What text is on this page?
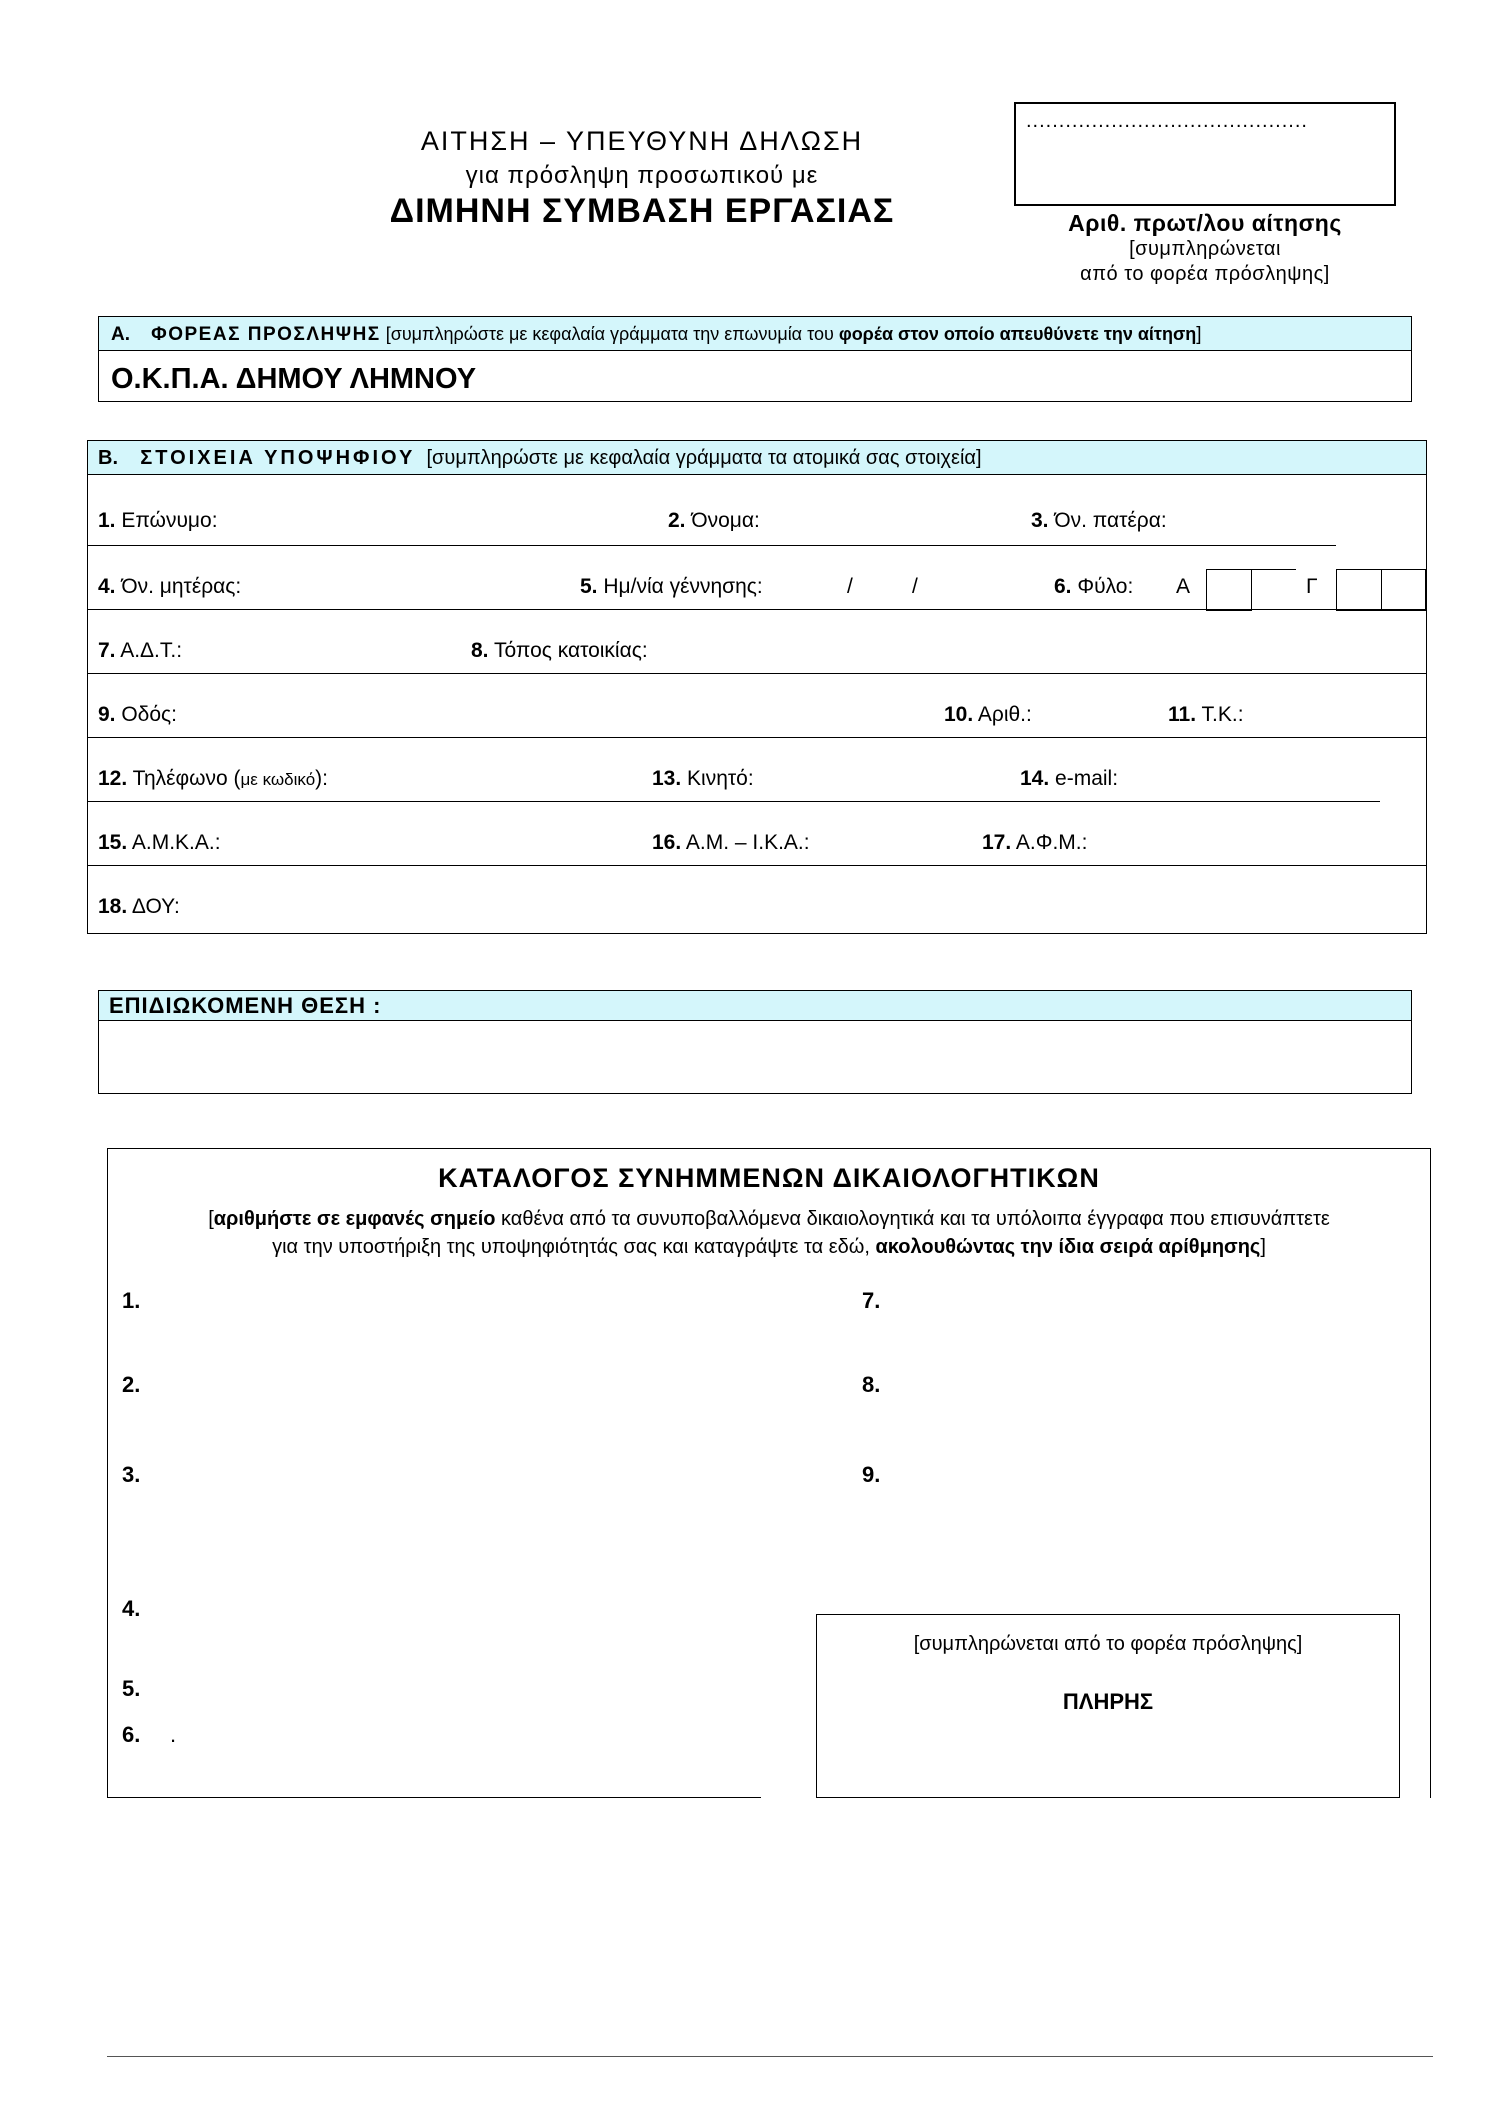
ΑΙΤΗΣΗ – ΥΠΕΥΘΥΝΗ ΔΗΛΩΣΗ
για πρόσληψη προσωπικού με
ΔΙΜΗΝΗ ΣΥΜΒΑΣΗ ΕΡΓΑΣΙΑΣ
...........................................
Αριθ. πρωτ/λου αίτησης
[συμπληρώνεται
από το φορέα πρόσληψης]
Α. ΦΟΡΕΑΣ ΠΡΟΣΛΗΨΗΣ [συμπληρώστε με κεφαλαία γράμματα την επωνυμία του φορέα στον οποίο απευθύνετε την αίτηση]
Ο.Κ.Π.Α. ΔΗΜΟΥ ΛΗΜΝΟΥ
Β. ΣΤΟΙΧΕΙΑ ΥΠΟΨΗΦΙΟΥ [συμπληρώστε με κεφαλαία γράμματα τα ατομικά σας στοιχεία]
1. Επώνυμο:	2. Όνομα:	3. Όν. πατέρα:
4. Όν. μητέρας:	5. Ημ/νία γέννησης:	/	/	6. Φύλο: Α	Γ
7. Α.Δ.Τ.:	8. Τόπος κατοικίας:
9. Οδός:	10. Αριθ.:	11. Τ.Κ.:
12. Τηλέφωνο (με κωδικό):	13. Κινητό:	14. e-mail:
15. Α.Μ.Κ.Α.:	16. Α.Μ. – Ι.Κ.Α.:	17. Α.Φ.Μ.:
18. ΔΟΥ:
ΕΠΙΔΙΩΚΟΜΕΝΗ ΘΕΣΗ :
ΚΑΤΑΛΟΓΟΣ ΣΥΝΗΜΜΕΝΩΝ ΔΙΚΑΙΟΛΟΓΗΤΙΚΩΝ
[αριθμήστε σε εμφανές σημείο καθένα από τα συνυποβαλλόμενα δικαιολογητικά και τα υπόλοιπα έγγραφα που επισυνάπτετε
για την υποστήριξη της υποψηφιότητάς σας και καταγράψτε τα εδώ, ακολουθώντας την ίδια σειρά αρίθμησης]
1.
2.
3.
4.
5.
6. .
7.
8.
9.
[συμπληρώνεται από το φορέα πρόσληψης]
ΠΛΗΡΗΣ
